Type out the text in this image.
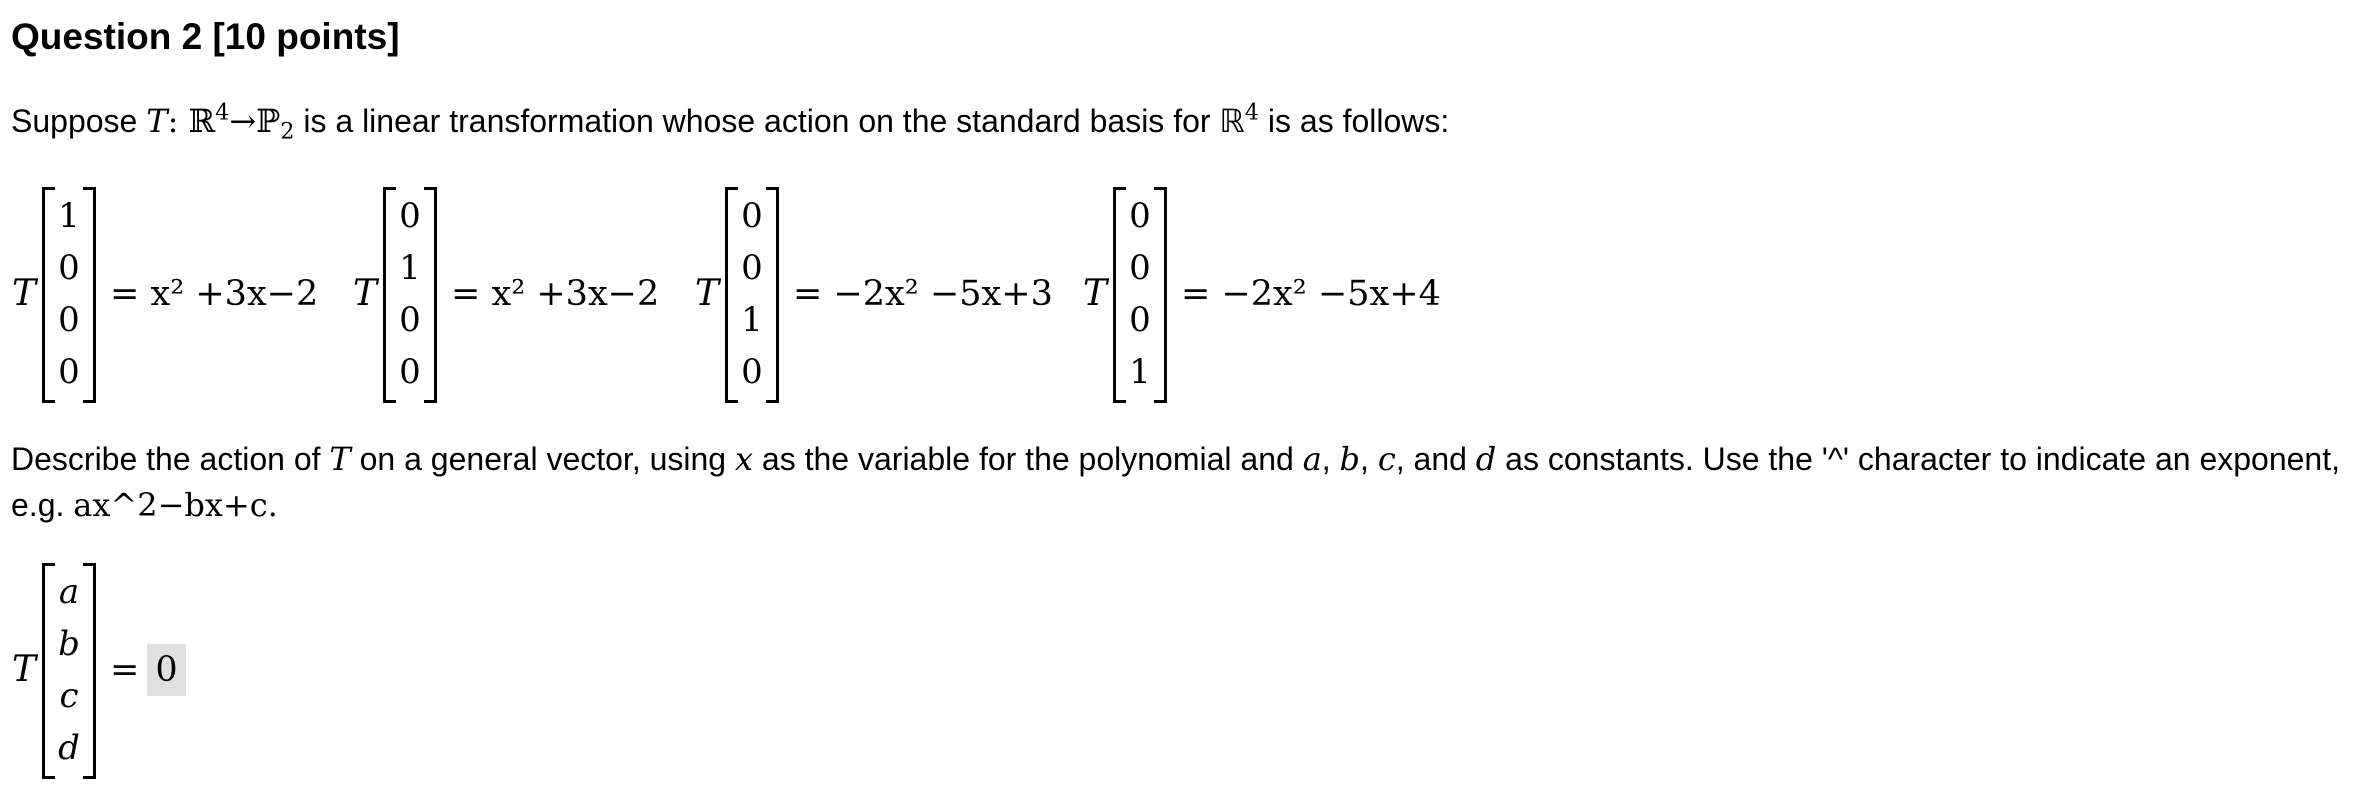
Question 2 [10 points]
Suppose T: ℝ$^4$→ℙ$_2$ is a linear transformation whose action on the standard basis for ℝ$^4$ is as follows:
T
1
0
0
0
= x² +3x−2 T
0
1
0
0
= x² +3x−2 T
0
0
1
0
= −2x² −5x+3 T
0
0
0
1
= −2x² −5x+4
Describe the action of T on a general vector, using x as the variable for the polynomial and a, b, c, and d as constants. Use the '^' character to indicate an exponent, e.g. ax^2−bx+c.
T
a
b
c
d
= 0
